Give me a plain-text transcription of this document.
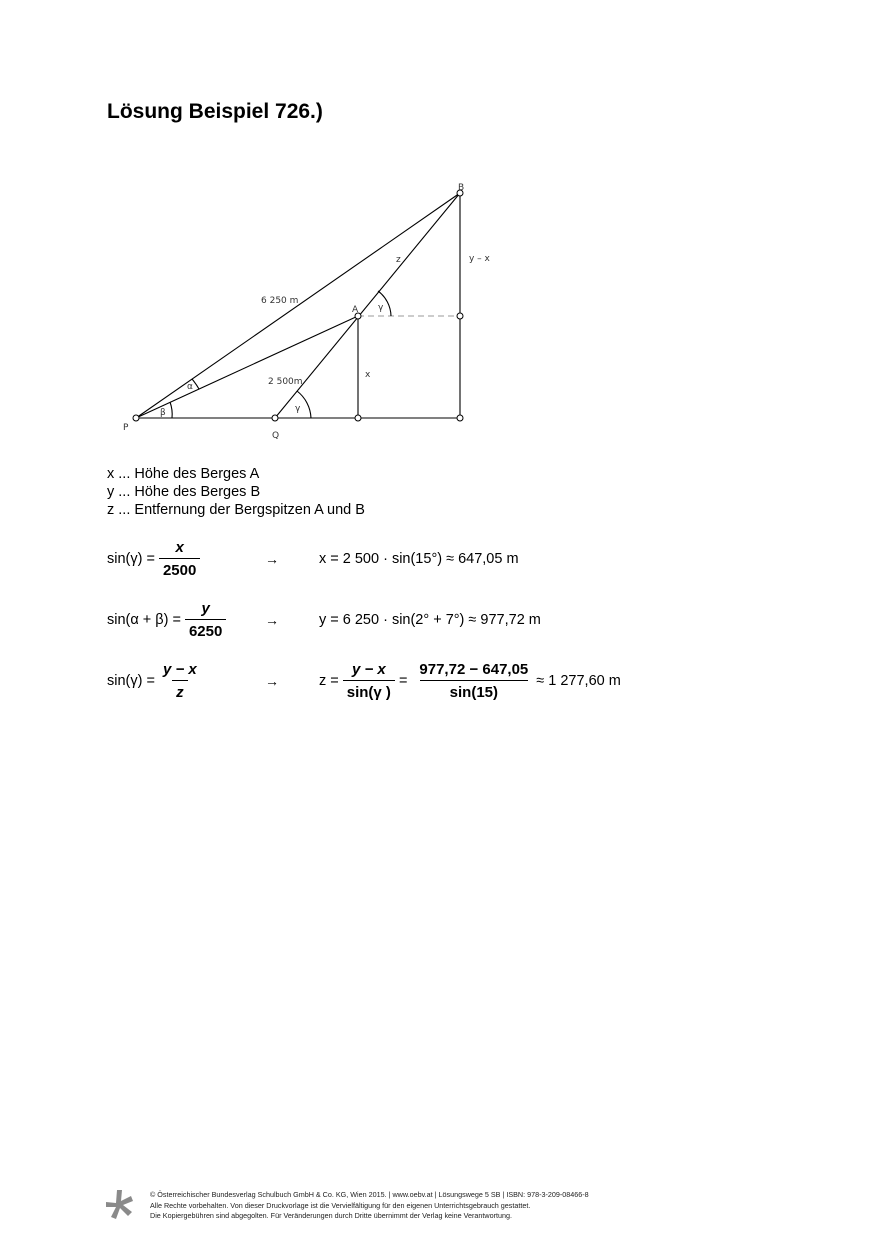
Lösung Beispiel 726.)
B
A
P
Q
z	y – x
x
6 250 m
2 500m
α
β	γ
γ
x ... Höhe des Berges A
y ... Höhe des Berges B
z ... Entfernung der Bergspitzen A und B
$\sin(\gamma) = \frac{x}{2500}$	→	x = 2 500 · sin(15°) ≈ 647,05 m
$\sin(\alpha + \beta) = \frac{y}{6250}$	→	y = 6 250 · sin(2° + 7°) ≈ 977,72 m
$\sin(\gamma) = \frac{y - x}{z}$	→	$z = \frac{y - x}{\sin(\gamma )} = \frac{977,72 - 647,05}{\sin(15)} \approx 1$ 277,60 m
© Österreichischer Bundesverlag Schulbuch GmbH & Co. KG, Wien 2015. | www.oebv.at | Lösungswege 5 SB | ISBN: 978-3-209-08466-8
Alle Rechte vorbehalten. Von dieser Druckvorlage ist die Vervielfältigung für den eigenen Unterrichtsgebrauch gestattet.
Die Kopiergebühren sind abgegolten. Für Veränderungen durch Dritte übernimmt der Verlag keine Verantwortung.
